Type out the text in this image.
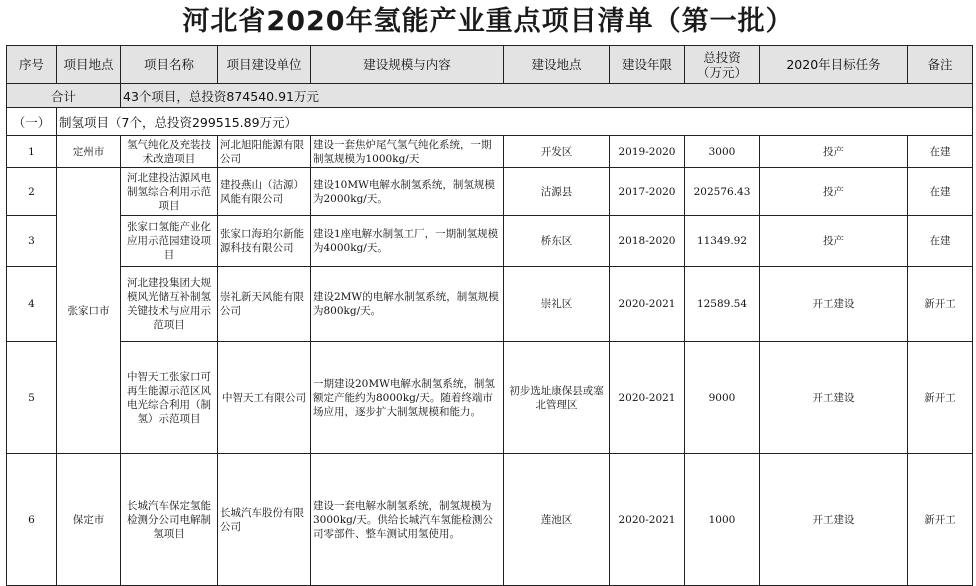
河北省2020年氢能产业重点项目清单（第一批）
序号	项目地点	项目名称	项目建设单位	建设规模与内容	建设地点	建设年限	总投资
（万元）	2020年目标任务	备注
合计		43个项目，总投资874540.91万元							
（一）	制氢项目（7个，总投资299515.89万元）								
1	定州市	氢气纯化及充装技术改造项目	河北旭阳能源有限公司	建设一套焦炉尾气氢气纯化系统，一期制氢规模为1000kg/天	开发区	2019-2020	3000	投产	在建
2	张家口市	河北建投沽源风电制氢综合利用示范项目	建投燕山（沽源）风能有限公司	建设10MW电解水制氢系统，制氢规模为2000kg/天。	沽源县	2017-2020	202576.43	投产	在建
3		张家口氢能产业化应用示范园建设项目	张家口海珀尔新能源科技有限公司	建设1座电解水制氢工厂，一期制氢规模为4000kg/天。	桥东区	2018-2020	11349.92	投产	在建
4		河北建投集团大规模风光储互补制氢关键技术与应用示范项目	崇礼新天风能有限公司	建设2MW的电解水制氢系统，制氢规模为800kg/天。	崇礼区	2020-2021	12589.54	开工建设	新开工
5		中智天工张家口可再生能源示范区风电光综合利用（制氢）示范项目	中智天工有限公司	一期建设20MW电解水制氢系统，制氢额定产能约为8000kg/天。随着终端市场应用，逐步扩大制氢规模和能力。	初步选址康保县或塞北管理区	2020-2021	9000	开工建设	新开工
6	保定市	长城汽车保定氢能检测分公司电解制氢项目	长城汽车股份有限公司	建设一套电解水制氢系统，制氢规模为3000kg/天。供给长城汽车氢能检测公司零部件、整车测试用氢使用。	莲池区	2020-2021	1000	开工建设	新开工
